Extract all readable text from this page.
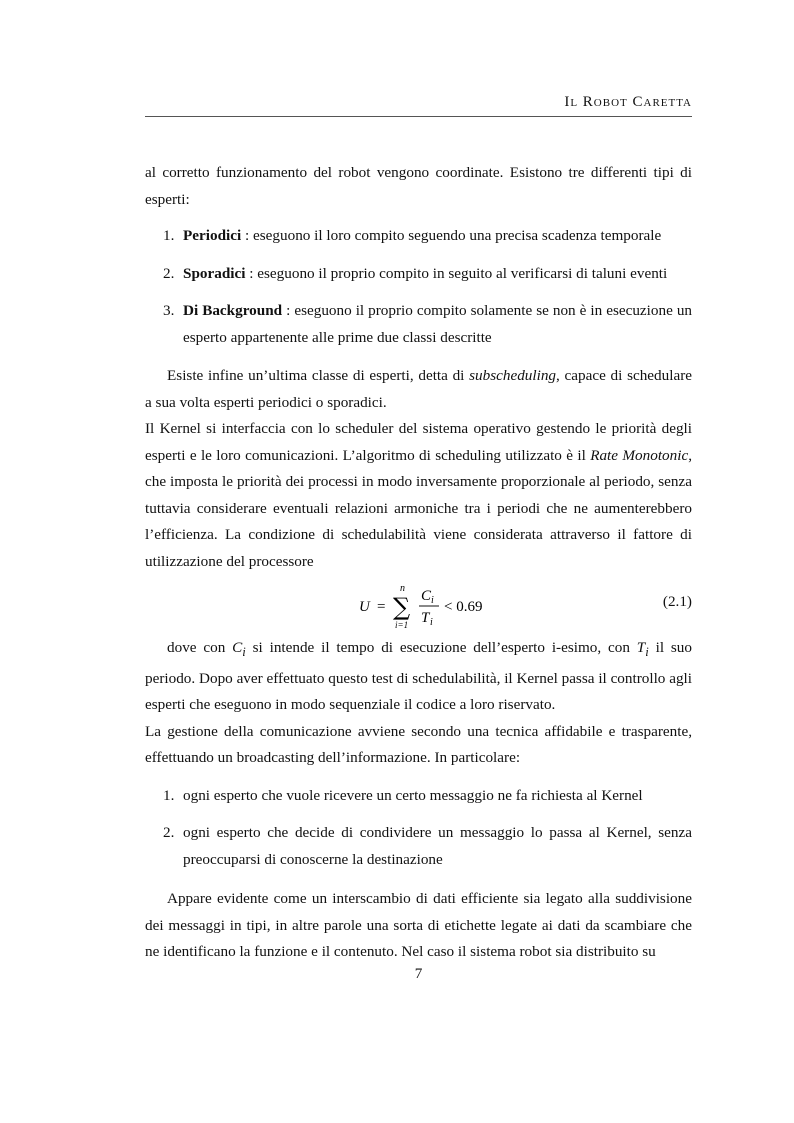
Il Robot Caretta

al corretto funzionamento del robot vengono coordinate. Esistono tre differenti tipi di esperti:

1. Periodici : eseguono il loro compito seguendo una precisa scadenza temporale
2. Sporadici : eseguono il proprio compito in seguito al verificarsi di taluni eventi
3. Di Background : eseguono il proprio compito solamente se non è in esecuzione un esperto appartenente alle prime due classi descritte

Esiste infine un’ultima classe di esperti, detta di subscheduling, capace di schedulare a sua volta esperti periodici o sporadici.

Il Kernel si interfaccia con lo scheduler del sistema operativo gestendo le priorità degli esperti e le loro comunicazioni. L’algoritmo di scheduling utilizzato è il Rate Monotonic, che imposta le priorità dei processi in modo inversamente proporzionale al periodo, senza tuttavia considerare eventuali relazioni armoniche tra i periodi che ne aumenterebbero l’efficienza. La condizione di schedulabilità viene considerata attraverso il fattore di utilizzazione del processore

U =
n
∑
i=1
C i
T i
< 0.69	(2.1)

dove con $C_i$ si intende il tempo di esecuzione dell’esperto i-esimo, con $T_i$ il suo periodo. Dopo aver effettuato questo test di schedulabilità, il Kernel passa il controllo agli esperti che eseguono in modo sequenziale il codice a loro riservato.

La gestione della comunicazione avviene secondo una tecnica affidabile e trasparente, effettuando un broadcasting dell’informazione. In particolare:

1. ogni esperto che vuole ricevere un certo messaggio ne fa richiesta al Kernel
2. ogni esperto che decide di condividere un messaggio lo passa al Kernel, senza preoccuparsi di conoscerne la destinazione

Appare evidente come un interscambio di dati efficiente sia legato alla suddivisione dei messaggi in tipi, in altre parole una sorta di etichette legate ai dati da scambiare che ne identificano la funzione e il contenuto. Nel caso il sistema robot sia distribuito su

7
